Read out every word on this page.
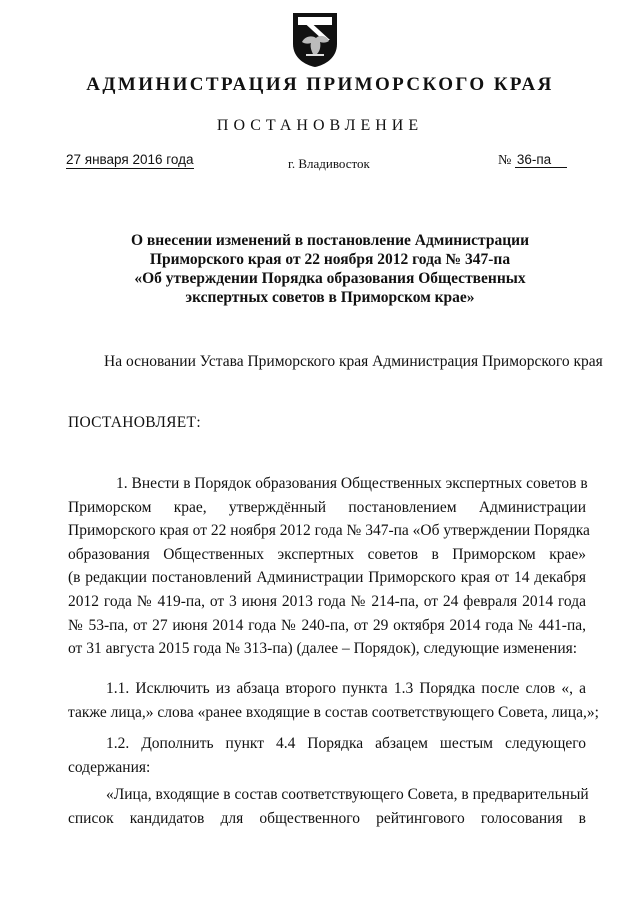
АДМИНИСТРАЦИЯ ПРИМОРСКОГО КРАЯ
ПОСТАНОВЛЕНИЕ
27 января 2016 года	г. Владивосток	№ 36-па
О внесении изменений в постановление Администрации
Приморского края от 22 ноября 2012 года № 347-па
«Об утверждении Порядка образования Общественных
экспертных советов в Приморском крае»
На основании Устава Приморского края Администрация Приморского края
ПОСТАНОВЛЯЕТ:
1. Внести в Порядок образования Общественных экспертных советов в
Приморском крае, утверждённый постановлением Администрации
Приморского края от 22 ноября 2012 года № 347-па «Об утверждении Порядка
образования Общественных экспертных советов в Приморском крае»
(в редакции постановлений Администрации Приморского края от 14 декабря
2012 года № 419-па, от 3 июня 2013 года № 214-па, от 24 февраля 2014 года
№ 53-па, от 27 июня 2014 года № 240-па, от 29 октября 2014 года № 441-па,
от 31 августа 2015 года № 313-па) (далее – Порядок), следующие изменения:
1.1. Исключить из абзаца второго пункта 1.3 Порядка после слов «, а
также лица,» слова «ранее входящие в состав соответствующего Совета, лица,»;
1.2. Дополнить пункт 4.4 Порядка абзацем шестым следующего
содержания:
«Лица, входящие в состав соответствующего Совета, в предварительный
список кандидатов для общественного рейтингового голосования в
